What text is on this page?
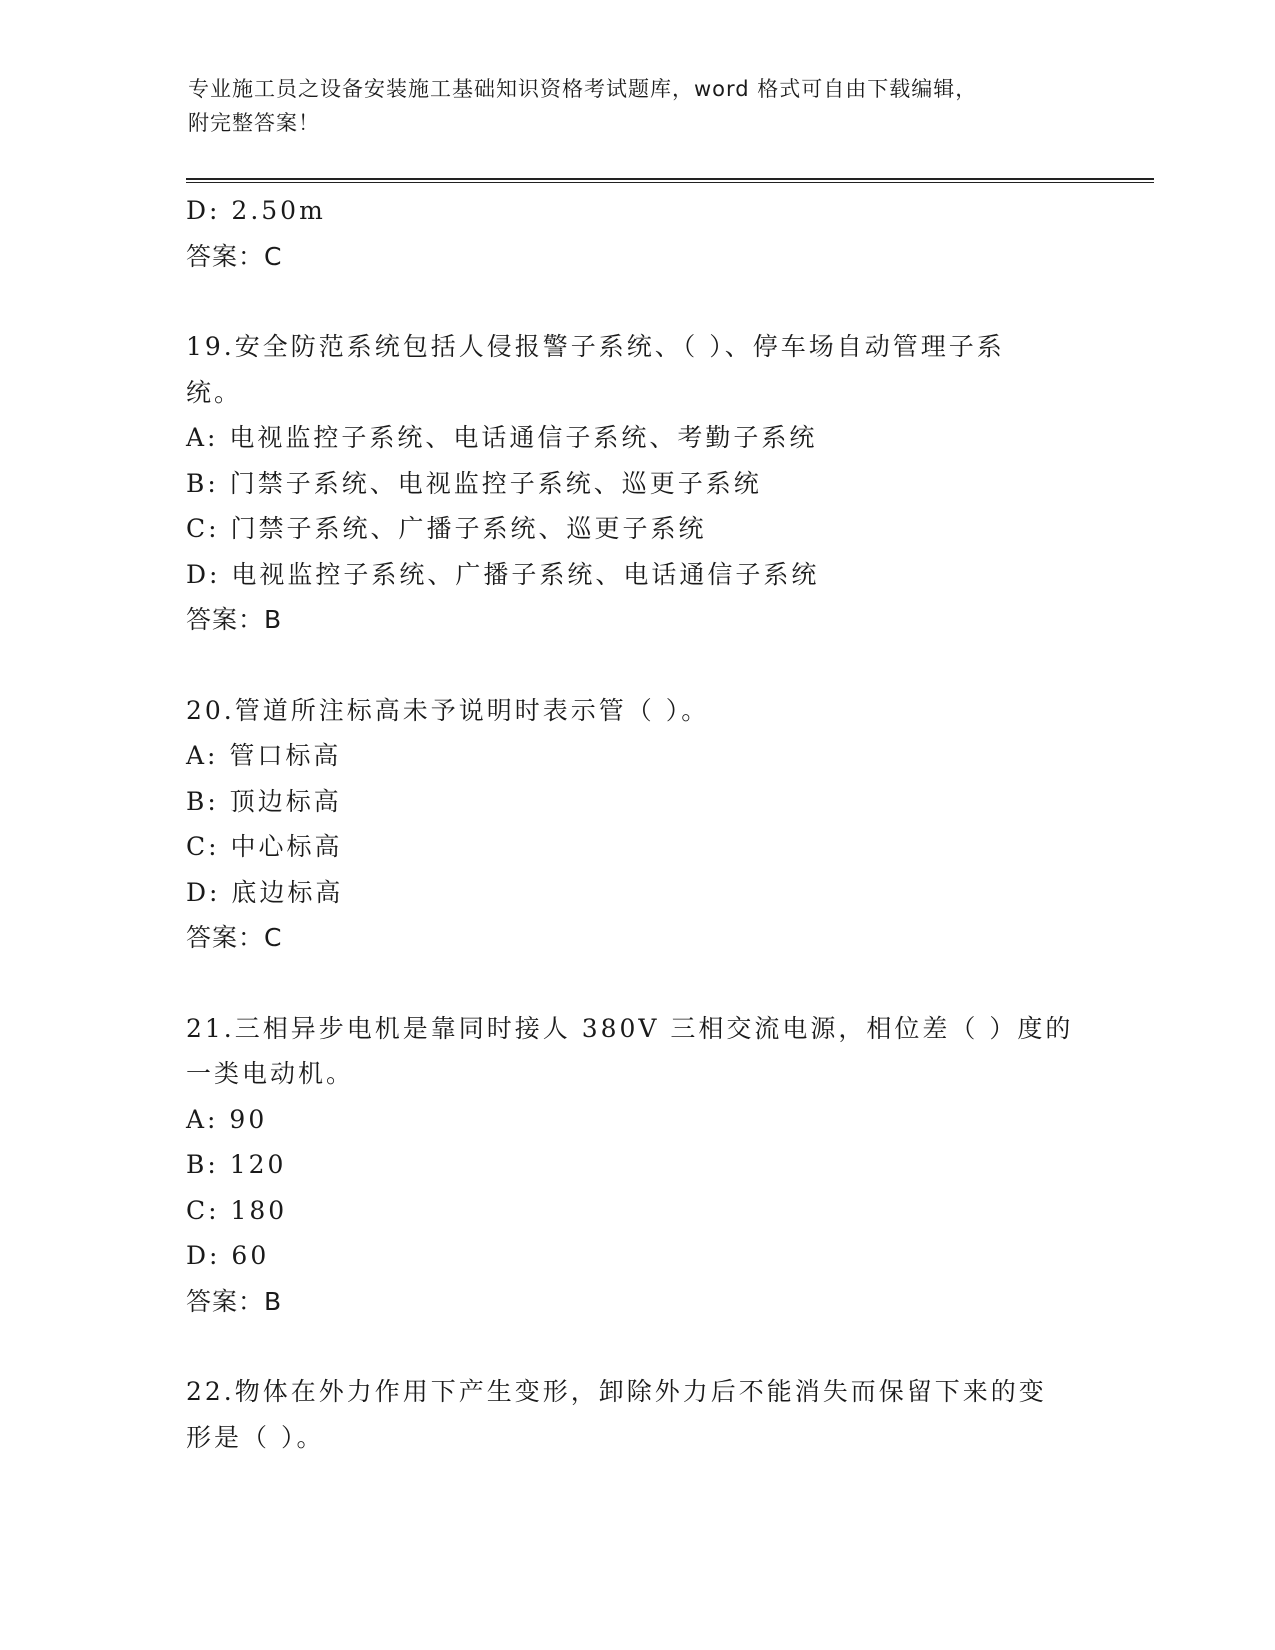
专业施工员之设备安装施工基础知识资格考试题库，word 格式可自由下载编辑，
附完整答案！
D: 2.50m
答案：C
19.安全防范系统包括人侵报警子系统、（ ）、停车场自动管理子系
统。
A: 电视监控子系统、电话通信子系统、考勤子系统
B: 门禁子系统、电视监控子系统、巡更子系统
C: 门禁子系统、广播子系统、巡更子系统
D: 电视监控子系统、广播子系统、电话通信子系统
答案：B
20.管道所注标高未予说明时表示管（ ）。
A: 管口标高
B: 顶边标高
C: 中心标高
D: 底边标高
答案：C
21.三相异步电机是靠同时接人 380V 三相交流电源，相位差（ ）度的
一类电动机。
A: 90
B: 120
C: 180
D: 60
答案：B
22.物体在外力作用下产生变形，卸除外力后不能消失而保留下来的变
形是（ ）。
